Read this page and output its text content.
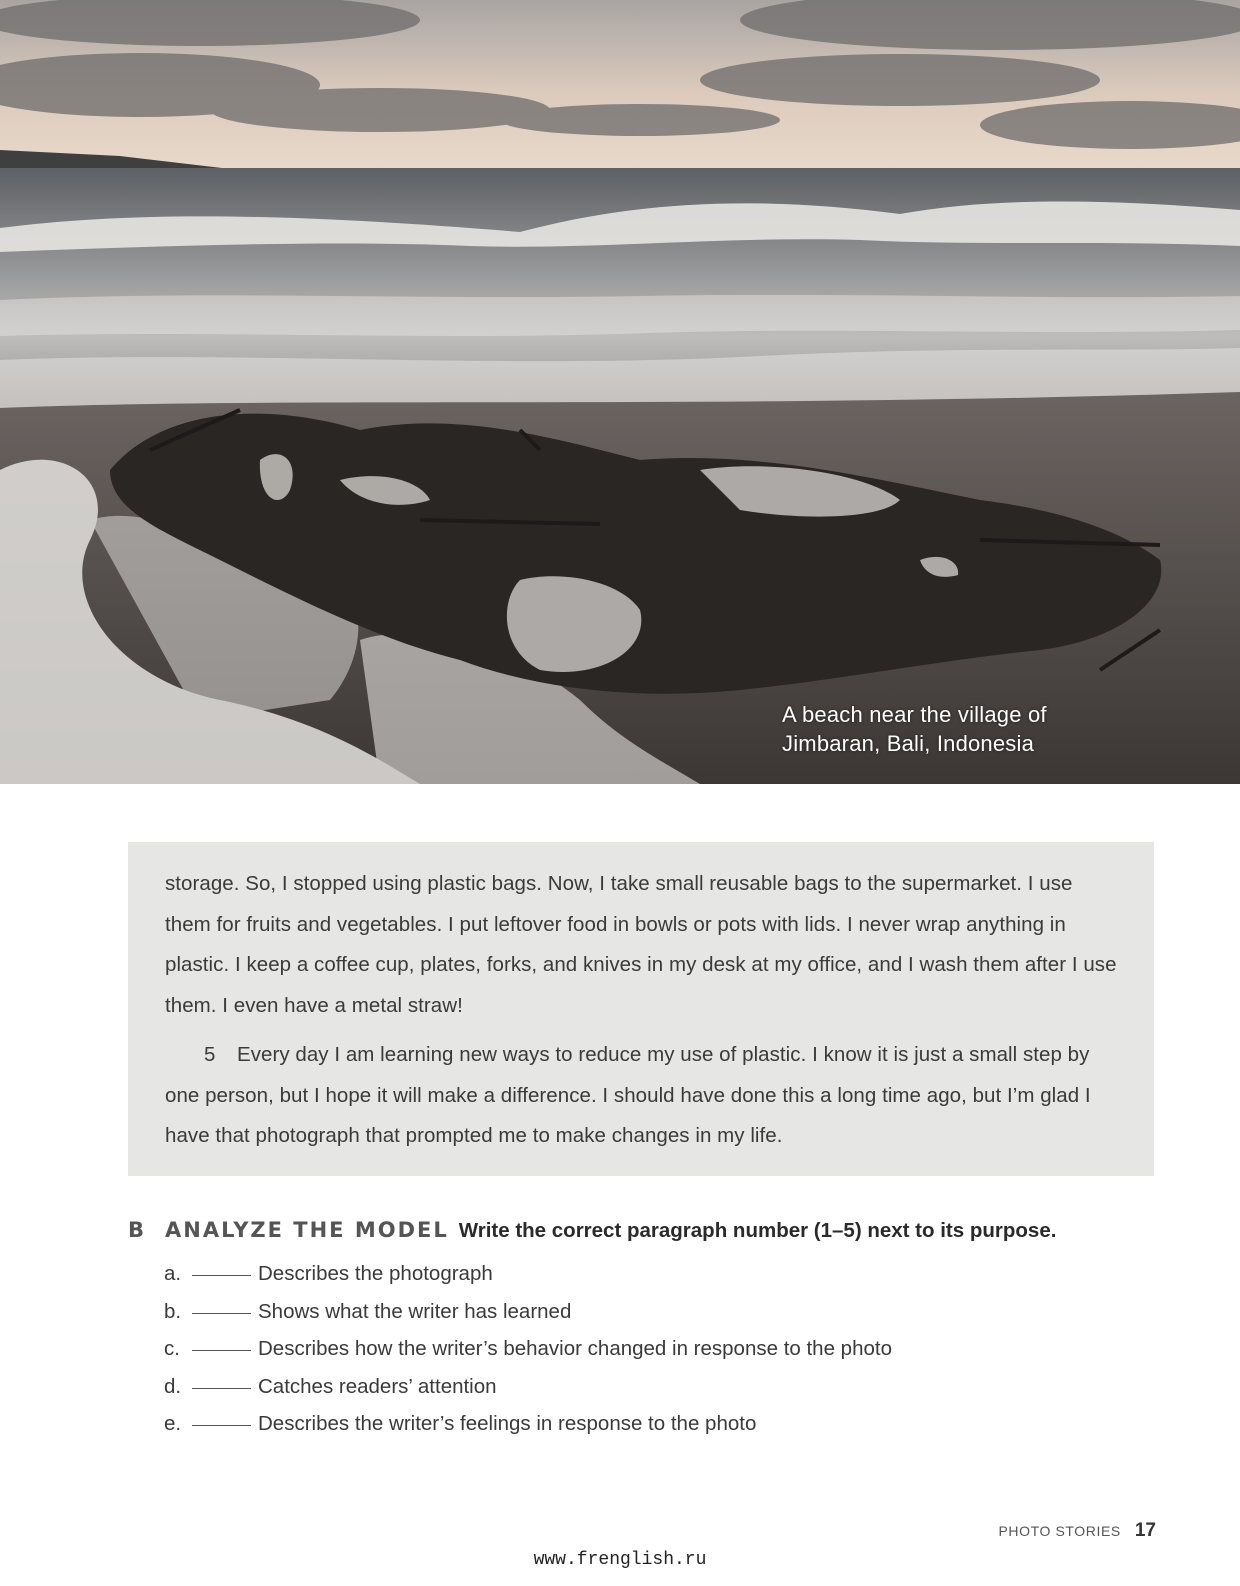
A beach near the village of
Jimbaran, Bali, Indonesia

storage. So, I stopped using plastic bags. Now, I take small reusable bags to the supermarket. I use them for fruits and vegetables. I put leftover food in bowls or pots with lids. I never wrap anything in plastic. I keep a coffee cup, plates, forks, and knives in my desk at my office, and I wash them after I use them. I even have a metal straw!

5 Every day I am learning new ways to reduce my use of plastic. I know it is just a small step by one person, but I hope it will make a difference. I should have done this a long time ago, but I’m glad I have that photograph that prompted me to make changes in my life.

B ANALYZE THE MODEL Write the correct paragraph number (1–5) next to its purpose.
a.	Describes the photograph
b.	Shows what the writer has learned
c.	Describes how the writer’s behavior changed in response to the photo
d.	Catches readers’ attention
e.	Describes the writer’s feelings in response to the photo
PHOTO STORIES 17
www.frenglish.ru
